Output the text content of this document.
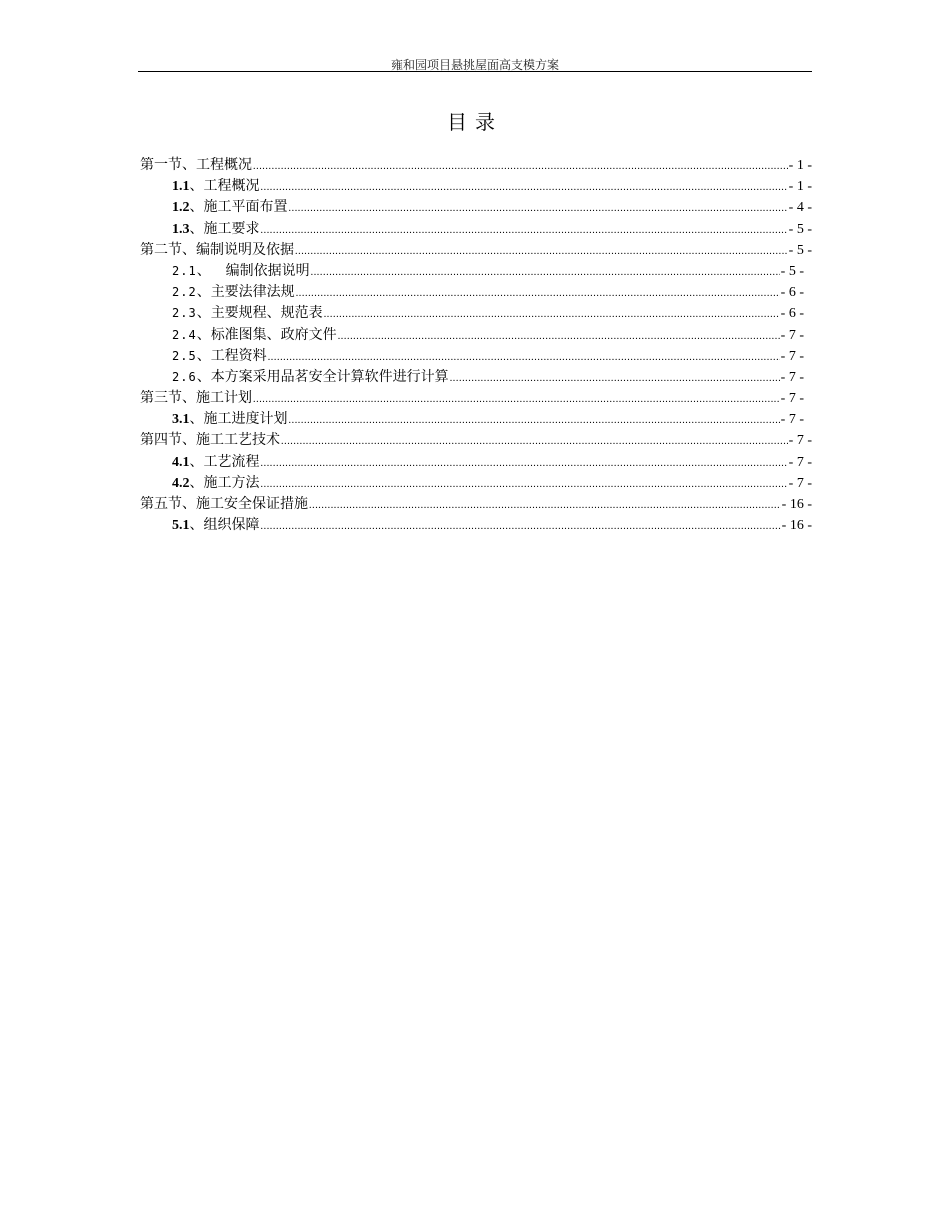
雍和园项目悬挑屋面高支模方案
目录
第一节、工程概况 .....	- 1 -
1.1 、 工程概况 .....	- 1 -
1.2 、 施工平面布置 .....	- 4 -
1.3 、 施工要求 .....	- 5 -
第二节、编制说明及依据 .....	- 5 -
2.1 、 编制依据说明 .....	- 5 -
2.2 、 主要法律法规 .....	- 6 -
2.3 、 主要规程、规范表 .....	- 6 -
2.4 、 标准图集、政府文件 .....	- 7 -
2.5 、 工程资料 .....	- 7 -
2.6 、 本方案采用品茗安全计算软件进行计算 .....	- 7 -
第三节、施工计划 .....	- 7 -
3.1 、 施工进度计划 .....	- 7 -
第四节、施工工艺技术 .....	- 7 -
4.1 、 工艺流程 .....	- 7 -
4.2 、 施工方法 .....	- 7 -
第五节、施工安全保证措施 .....	- 16 -
5.1 、 组织保障 .....	- 16 -
